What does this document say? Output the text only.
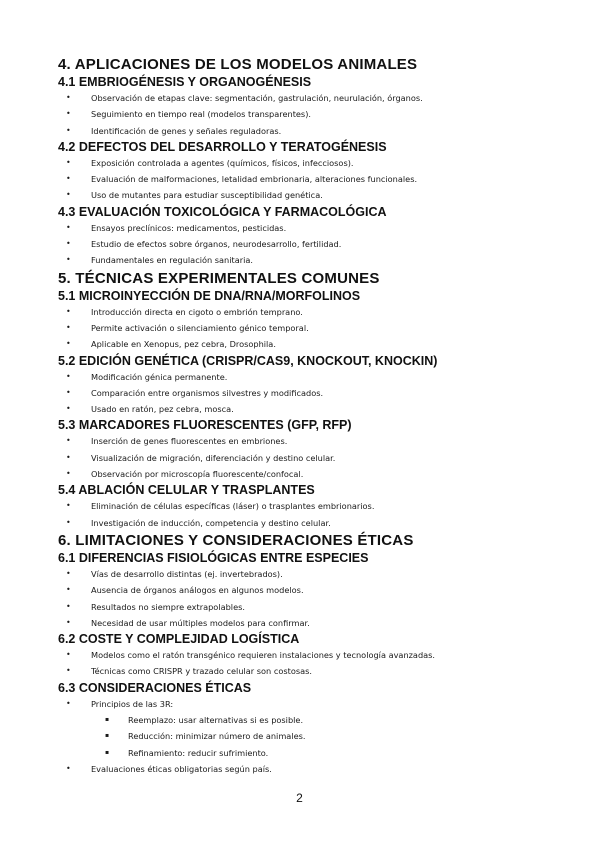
4. APLICACIONES DE LOS MODELOS ANIMALES
4.1 EMBRIOGÉNESIS Y ORGANOGÉNESIS
• Observación de etapas clave: segmentación, gastrulación, neurulación, órganos.
• Seguimiento en tiempo real (modelos transparentes).
• Identificación de genes y señales reguladoras.
4.2 DEFECTOS DEL DESARROLLO Y TERATOGÉNESIS
• Exposición controlada a agentes (químicos, físicos, infecciosos).
• Evaluación de malformaciones, letalidad embrionaria, alteraciones funcionales.
• Uso de mutantes para estudiar susceptibilidad genética.
4.3 EVALUACIÓN TOXICOLÓGICA Y FARMACOLÓGICA
• Ensayos preclínicos: medicamentos, pesticidas.
• Estudio de efectos sobre órganos, neurodesarrollo, fertilidad.
• Fundamentales en regulación sanitaria.
5. TÉCNICAS EXPERIMENTALES COMUNES
5.1 MICROINYECCIÓN DE DNA/RNA/MORFOLINOS
• Introducción directa en cigoto o embrión temprano.
• Permite activación o silenciamiento génico temporal.
• Aplicable en Xenopus, pez cebra, Drosophila.
5.2 EDICIÓN GENÉTICA (CRISPR/CAS9, KNOCKOUT, KNOCKIN)
• Modificación génica permanente.
• Comparación entre organismos silvestres y modificados.
• Usado en ratón, pez cebra, mosca.
5.3 MARCADORES FLUORESCENTES (GFP, RFP)
• Inserción de genes fluorescentes en embriones.
• Visualización de migración, diferenciación y destino celular.
• Observación por microscopía fluorescente/confocal.
5.4 ABLACIÓN CELULAR Y TRASPLANTES
• Eliminación de células específicas (láser) o trasplantes embrionarios.
• Investigación de inducción, competencia y destino celular.
6. LIMITACIONES Y CONSIDERACIONES ÉTICAS
6.1 DIFERENCIAS FISIOLÓGICAS ENTRE ESPECIES
• Vías de desarrollo distintas (ej. invertebrados).
• Ausencia de órganos análogos en algunos modelos.
• Resultados no siempre extrapolables.
• Necesidad de usar múltiples modelos para confirmar.
6.2 COSTE Y COMPLEJIDAD LOGÍSTICA
• Modelos como el ratón transgénico requieren instalaciones y tecnología avanzadas.
• Técnicas como CRISPR y trazado celular son costosas.
6.3 CONSIDERACIONES ÉTICAS
• Principios de las 3R:
▪ Reemplazo: usar alternativas si es posible.
▪ Reducción: minimizar número de animales.
▪ Refinamiento: reducir sufrimiento.
• Evaluaciones éticas obligatorias según país.
2
